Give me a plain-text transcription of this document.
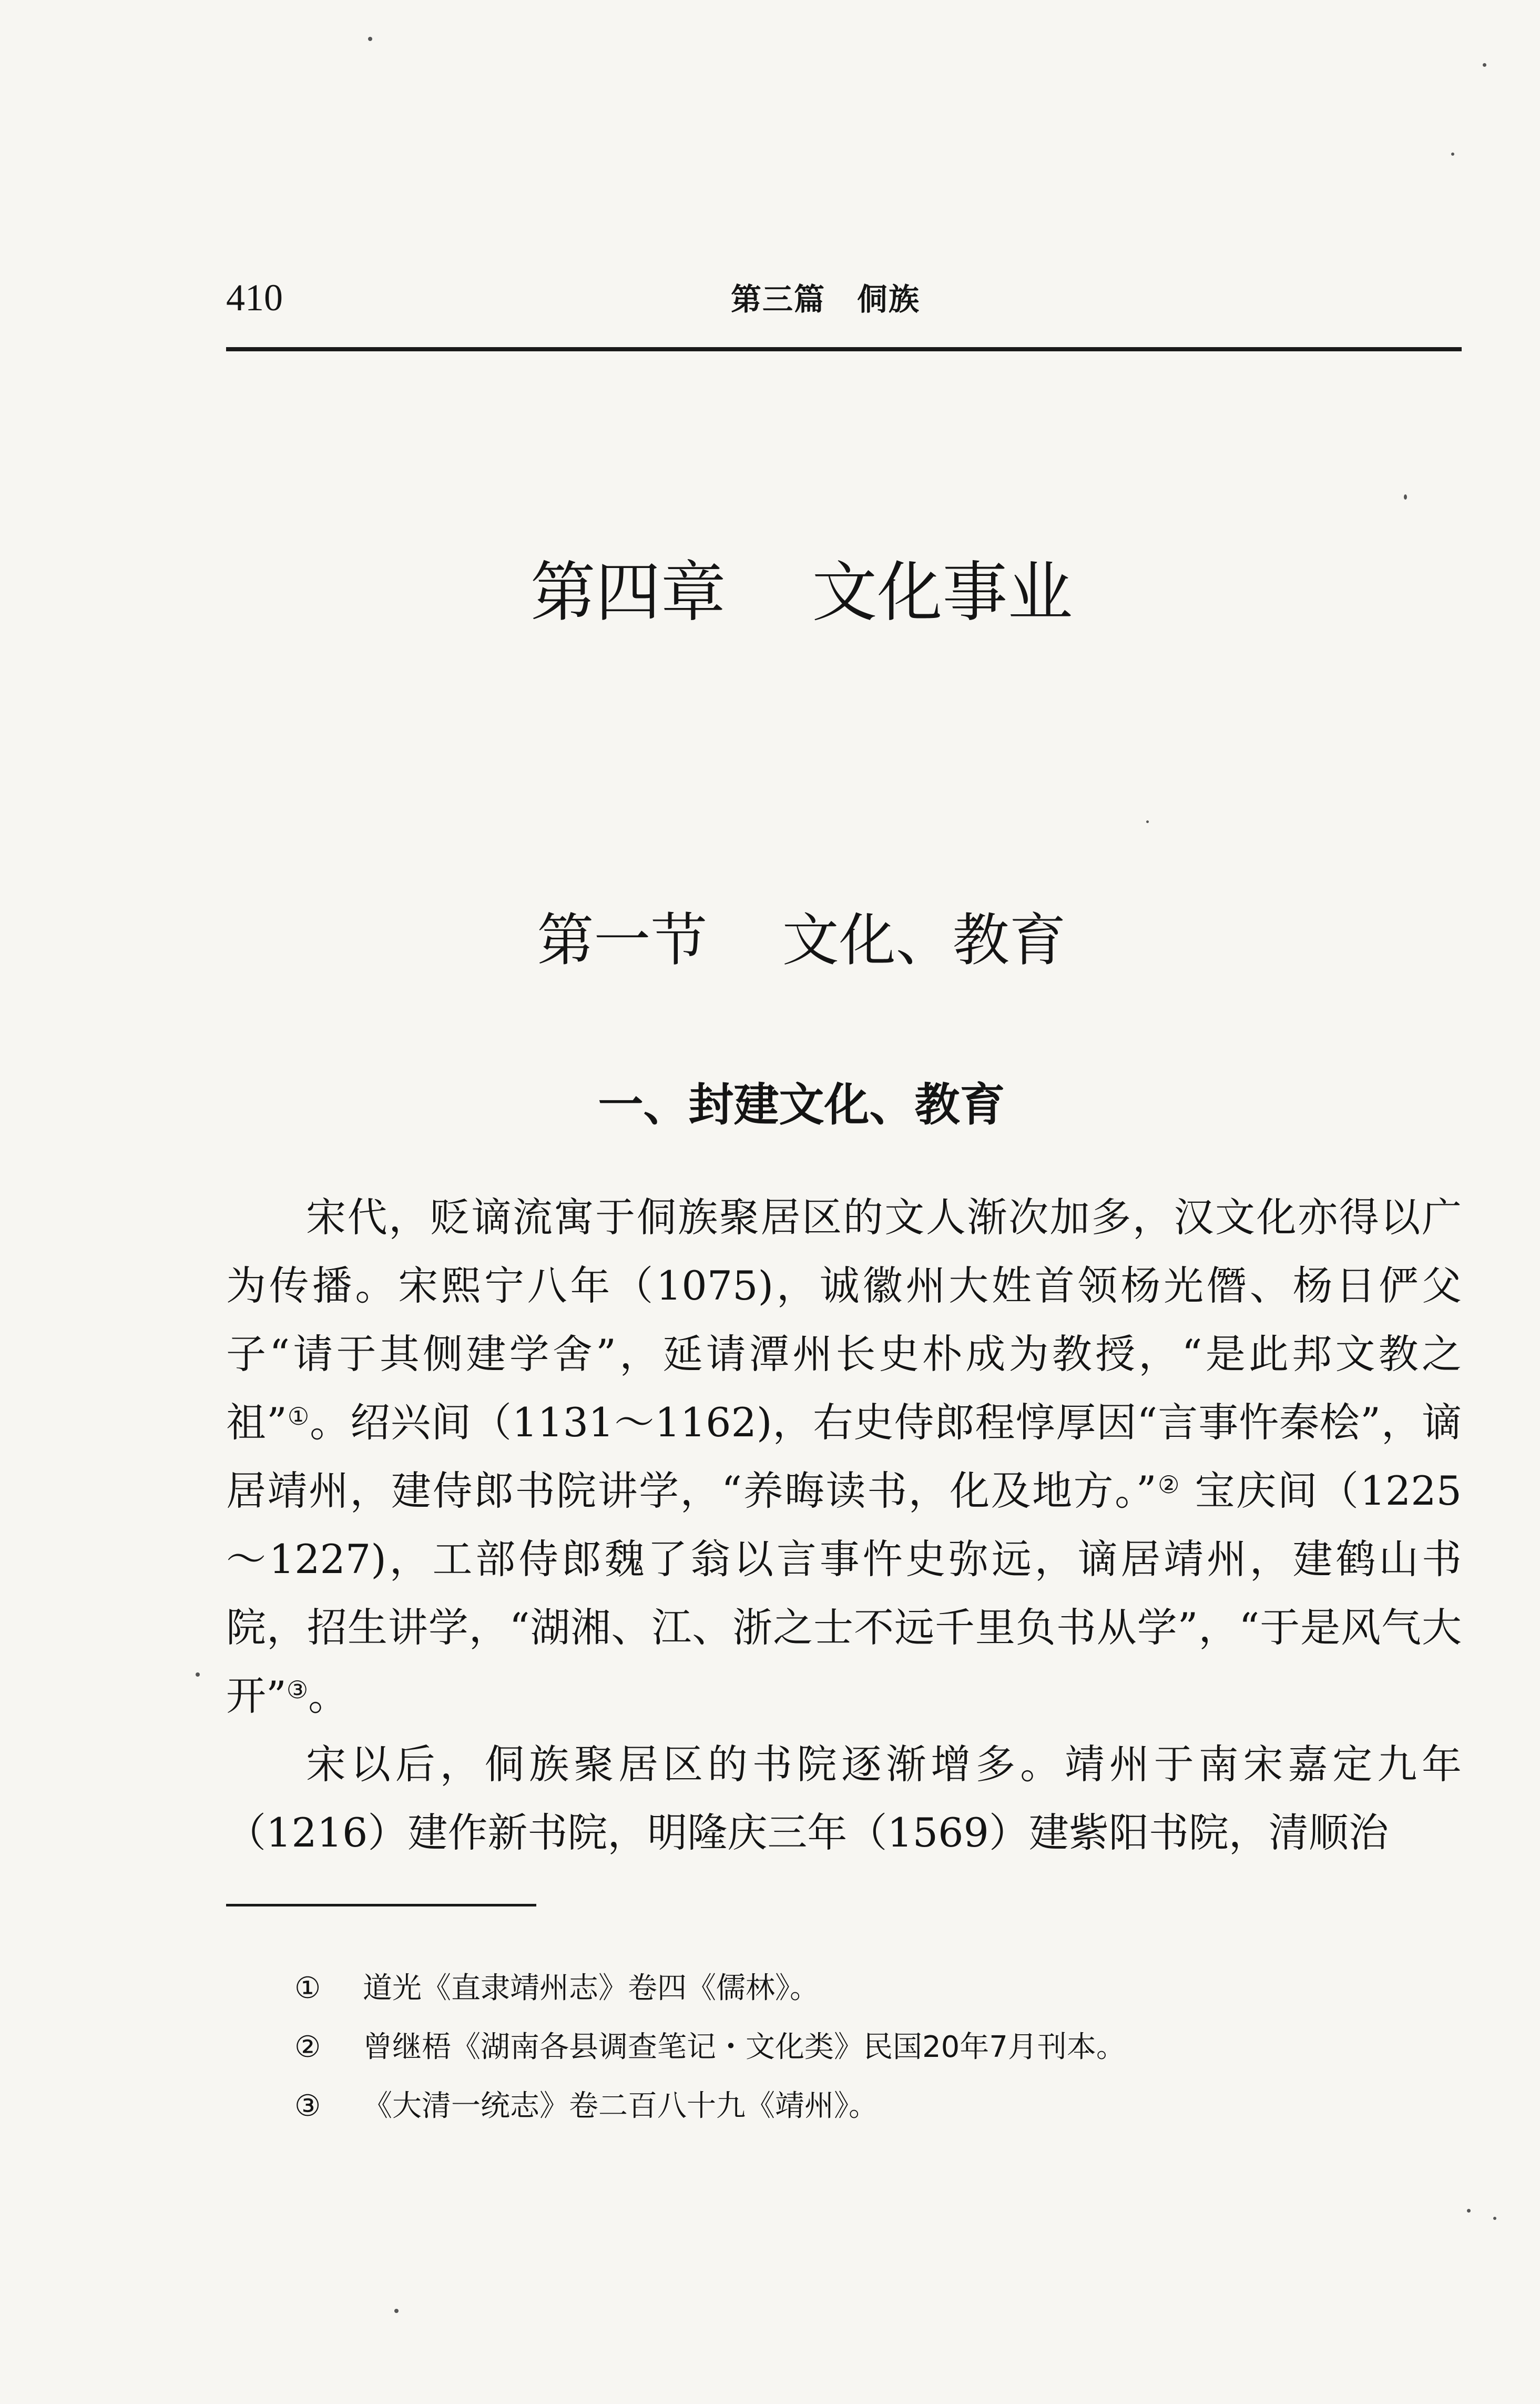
410	第三篇　侗族
第四章　 文化事业
第一节　 文化、教育
一、封建文化、教育

宋代，贬谪流寓于侗族聚居区的文人渐次加多，汉文化亦得以广为传播。宋熙宁八年（1075)，诚徽州大姓首领杨光僭、杨日俨父子“请于其侧建学舍”，延请潭州长史朴成为教授，“是此邦文教之祖”①。绍兴间（1131～1162)，右史侍郎程惇厚因“言事忤秦桧”，谪居靖州，建侍郎书院讲学，“养晦读书，化及地方。”② 宝庆间（1225～1227)，工部侍郎魏了翁以言事忤史弥远，谪居靖州，建鹤山书院，招生讲学，“湖湘、江、浙之士不远千里负书从学”，“于是风气大开”③。

宋以后，侗族聚居区的书院逐渐增多。靖州于南宋嘉定九年（1216）建作新书院，明隆庆三年（1569）建紫阳书院，清顺治

① 道光《直隶靖州志》卷四《儒林》。
② 曾继梧《湖南各县调查笔记・文化类》民国20年7月刊本。
③ 《大清一统志》卷二百八十九《靖州》。
